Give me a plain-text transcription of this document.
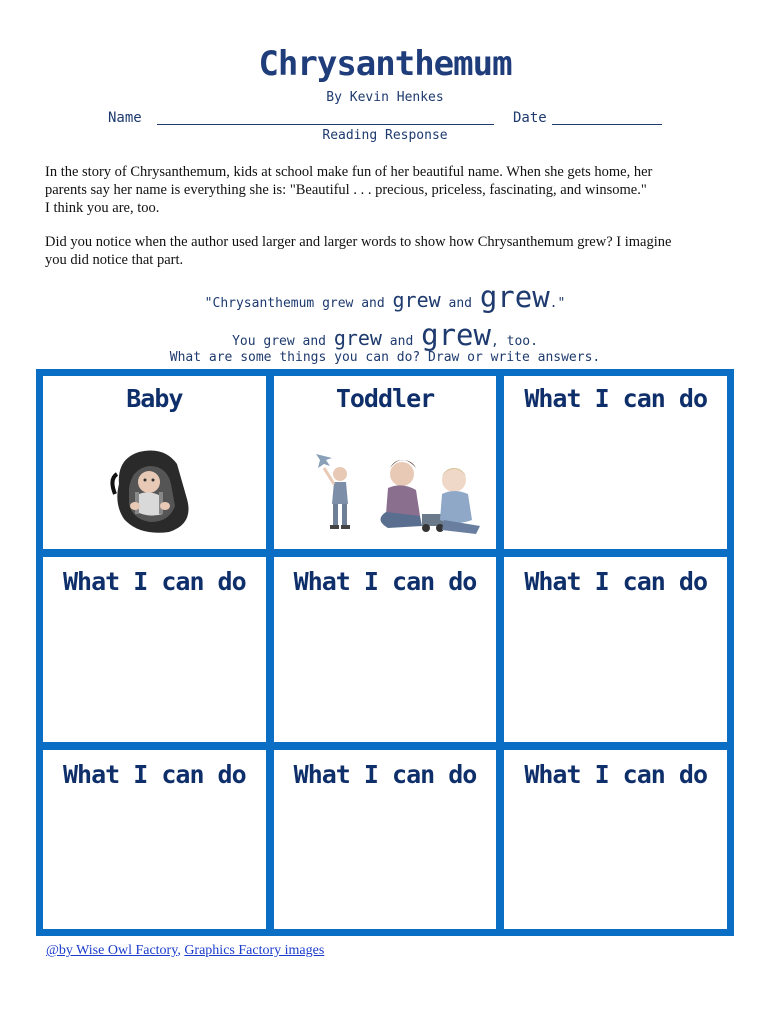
Chrysanthemum
By Kevin Henkes
Name	Date
Reading Response
In the story of Chrysanthemum, kids at school make fun of her beautiful name. When she gets home, her
parents say her name is everything she is: "Beautiful . . . precious, priceless, fascinating, and winsome."
I think you are, too.
Did you notice when the author used larger and larger words to show how Chrysanthemum grew? I imagine
you did notice that part.
"Chrysanthemum grew and grew and grew."
You grew and grew and grew, too.
What are some things you can do? Draw or write answers.
Baby	Toddler	What I can do
What I can do	What I can do	What I can do
What I can do	What I can do	What I can do
@by Wise Owl Factory, Graphics Factory images
